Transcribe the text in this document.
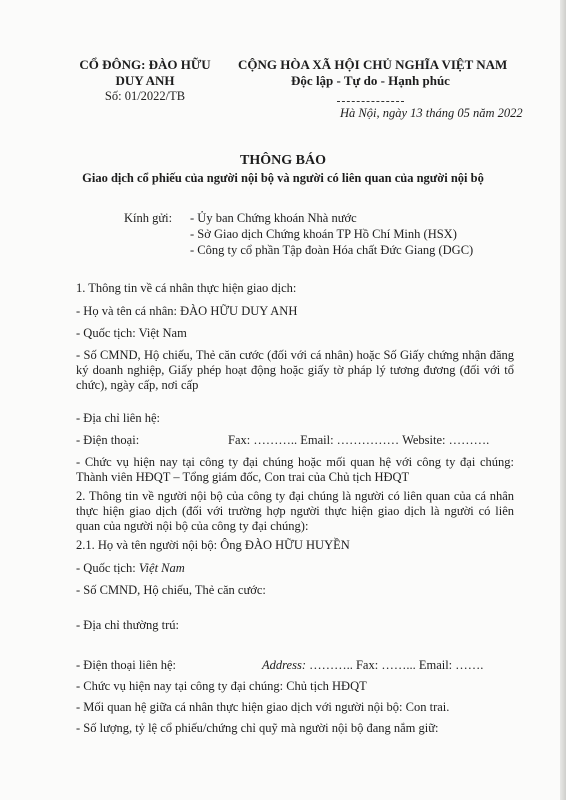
CỔ ĐÔNG: ĐÀO HỮU
DUY ANH
Số: 01/2022/TB
CỘNG HÒA XÃ HỘI CHỦ NGHĨA VIỆT NAM
Độc lập - Tự do - Hạnh phúc
Hà Nội, ngày 13 tháng 05 năm 2022
THÔNG BÁO
Giao dịch cổ phiếu của người nội bộ và người có liên quan của người nội bộ
Kính gửi: - Ủy ban Chứng khoán Nhà nước
- Sở Giao dịch Chứng khoán TP Hồ Chí Minh (HSX)
- Công ty cổ phần Tập đoàn Hóa chất Đức Giang (DGC)
1. Thông tin về cá nhân thực hiện giao dịch:
- Họ và tên cá nhân: ĐÀO HỮU DUY ANH
- Quốc tịch: Việt Nam
- Số CMND, Hộ chiếu, Thẻ căn cước (đối với cá nhân) hoặc Số Giấy chứng nhận đăng ký doanh nghiệp, Giấy phép hoạt động hoặc giấy tờ pháp lý tương đương (đối với tổ chức), ngày cấp, nơi cấp
- Địa chỉ liên hệ:
- Điện thoại:	Fax: ……….. Email: …………… Website: ……….
- Chức vụ hiện nay tại công ty đại chúng hoặc mối quan hệ với công ty đại chúng: Thành viên HĐQT – Tổng giám đốc, Con trai của Chủ tịch HĐQT
2. Thông tin về người nội bộ của công ty đại chúng là người có liên quan của cá nhân thực hiện giao dịch (đối với trường hợp người thực hiện giao dịch là người có liên quan của người nội bộ của công ty đại chúng):
2.1. Họ và tên người nội bộ: Ông ĐÀO HỮU HUYỀN
- Quốc tịch: Việt Nam
- Số CMND, Hộ chiếu, Thẻ căn cước:
- Địa chỉ thường trú:
- Điện thoại liên hệ:	Address: ……….. Fax: ……... Email: …….
- Chức vụ hiện nay tại công ty đại chúng: Chủ tịch HĐQT
- Mối quan hệ giữa cá nhân thực hiện giao dịch với người nội bộ: Con trai.
- Số lượng, tỷ lệ cổ phiếu/chứng chỉ quỹ mà người nội bộ đang nắm giữ:
